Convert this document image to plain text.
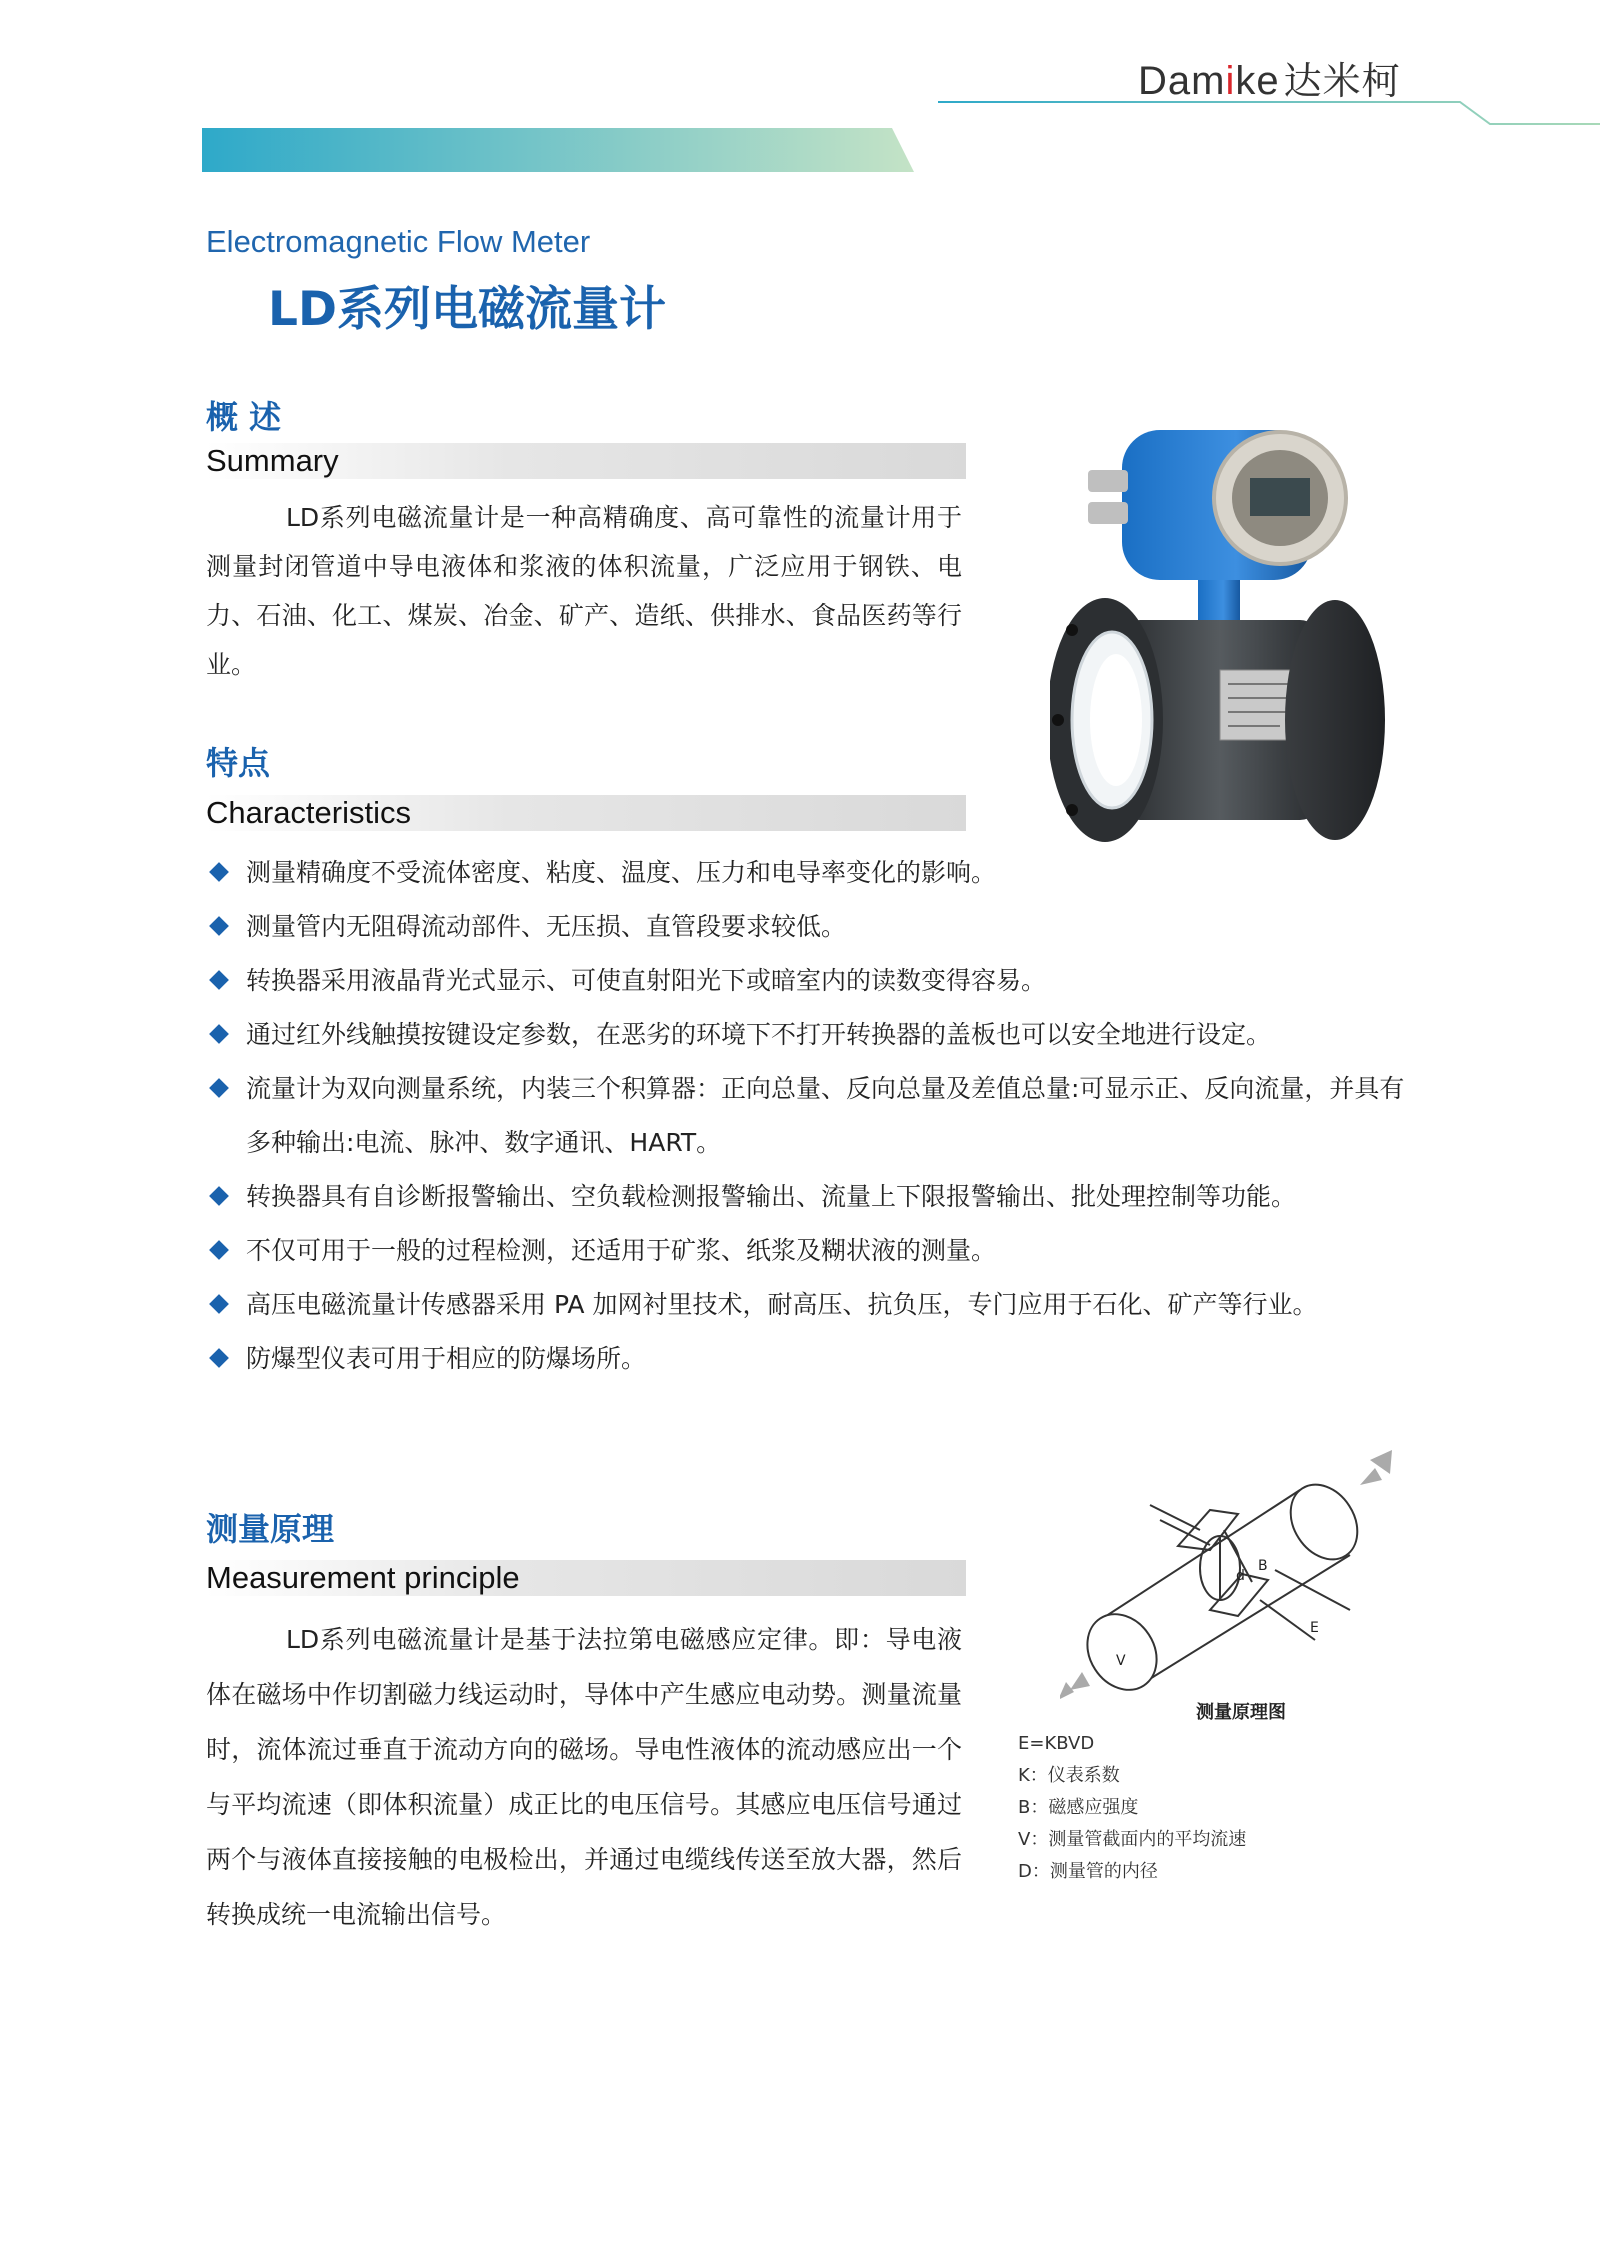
Damike 达米柯
Electromagnetic Flow Meter
LD系列电磁流量计
概 述
Summary
LD系列电磁流量计是一种高精确度、高可靠性的流量计用于测量封闭管道中导电液体和浆液的体积流量，广泛应用于钢铁、电力、石油、化工、煤炭、冶金、矿产、造纸、供排水、食品医药等行业。
特点
Characteristics
测量精确度不受流体密度、粘度、温度、压力和电导率变化的影响。
测量管内无阻碍流动部件、无压损、直管段要求较低。
转换器采用液晶背光式显示、可使直射阳光下或暗室内的读数变得容易。
通过红外线触摸按键设定参数，在恶劣的环境下不打开转换器的盖板也可以安全地进行设定。
流量计为双向测量系统，内装三个积算器：正向总量、反向总量及差值总量:可显示正、反向流量，并具有多种输出:电流、脉冲、数字通讯、HART。
转换器具有自诊断报警输出、空负载检测报警输出、流量上下限报警输出、批处理控制等功能。
不仅可用于一般的过程检测，还适用于矿浆、纸浆及糊状液的测量。
高压电磁流量计传感器采用 PA 加网衬里技术，耐高压、抗负压，专门应用于石化、矿产等行业。
防爆型仪表可用于相应的防爆场所。
测量原理
Measurement principle
LD系列电磁流量计是基于法拉第电磁感应定律。即：导电液体在磁场中作切割磁力线运动时，导体中产生感应电动势。测量流量时，流体流过垂直于流动方向的磁场。导电性液体的流动感应出一个与平均流速（即体积流量）成正比的电压信号。其感应电压信号通过两个与液体直接接触的电极检出，并通过电缆线传送至放大器，然后转换成统一电流输出信号。
B
d
E
V
测量原理图
E=KBVD
K：仪表系数
B：磁感应强度
V：测量管截面内的平均流速
D：测量管的内径
